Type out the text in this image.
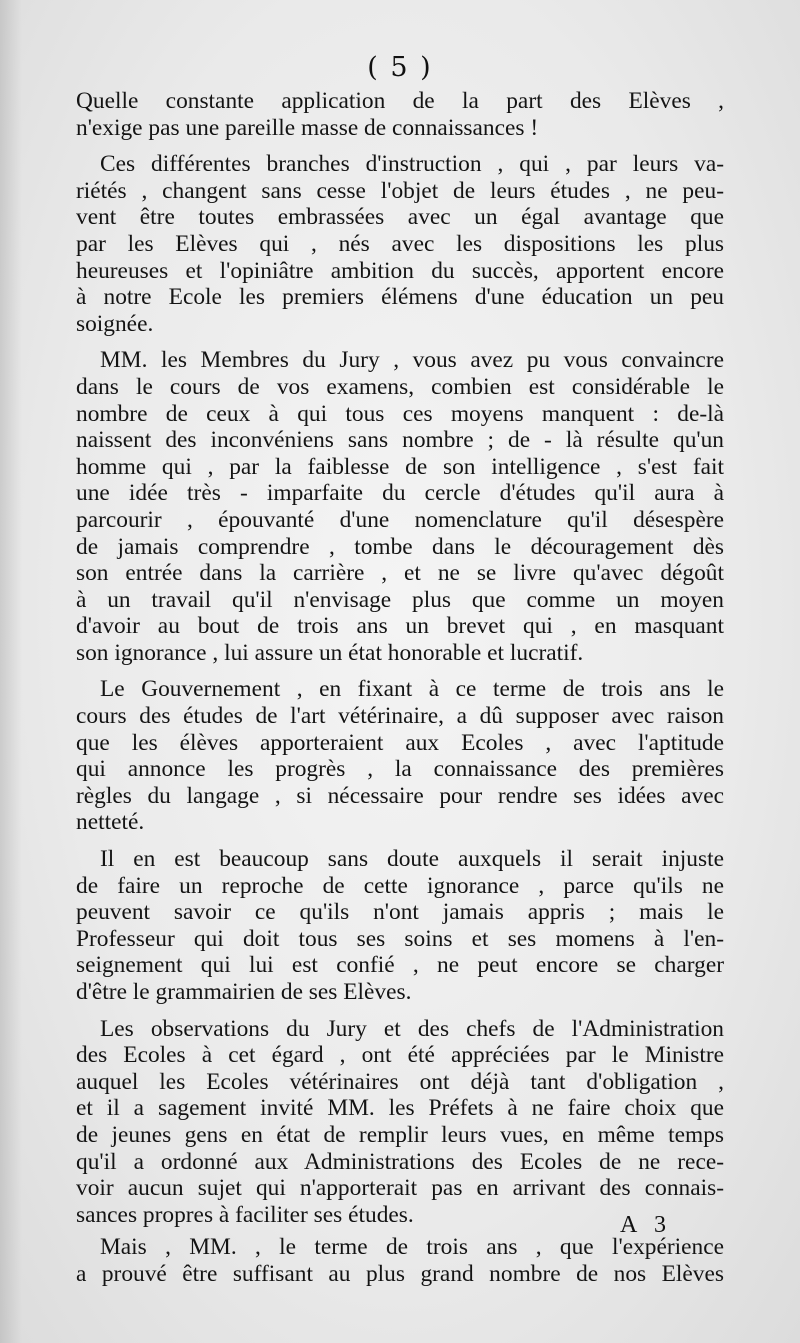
( 5 )
Quelle constante application de la part des Elèves ,
n'exige pas une pareille masse de connaissances !
Ces différentes branches d'instruction , qui , par leurs va-
riétés , changent sans cesse l'objet de leurs études , ne peu-
vent être toutes embrassées avec un égal avantage que
par les Elèves qui , nés avec les dispositions les plus
heureuses et l'opiniâtre ambition du succès, apportent encore
à notre Ecole les premiers élémens d'une éducation un peu
soignée.
MM. les Membres du Jury , vous avez pu vous convaincre
dans le cours de vos examens, combien est considérable le
nombre de ceux à qui tous ces moyens manquent : de-là
naissent des inconvéniens sans nombre ; de - là résulte qu'un
homme qui , par la faiblesse de son intelligence , s'est fait
une idée très - imparfaite du cercle d'études qu'il aura à
parcourir , épouvanté d'une nomenclature qu'il désespère
de jamais comprendre , tombe dans le découragement dès
son entrée dans la carrière , et ne se livre qu'avec dégoût
à un travail qu'il n'envisage plus que comme un moyen
d'avoir au bout de trois ans un brevet qui , en masquant
son ignorance , lui assure un état honorable et lucratif.
Le Gouvernement , en fixant à ce terme de trois ans le
cours des études de l'art vétérinaire, a dû supposer avec raison
que les élèves apporteraient aux Ecoles , avec l'aptitude
qui annonce les progrès , la connaissance des premières
règles du langage , si nécessaire pour rendre ses idées avec
netteté.
Il en est beaucoup sans doute auxquels il serait injuste
de faire un reproche de cette ignorance , parce qu'ils ne
peuvent savoir ce qu'ils n'ont jamais appris ; mais le
Professeur qui doit tous ses soins et ses momens à l'en-
seignement qui lui est confié , ne peut encore se charger
d'être le grammairien de ses Elèves.
Les observations du Jury et des chefs de l'Administration
des Ecoles à cet égard , ont été appréciées par le Ministre
auquel les Ecoles vétérinaires ont déjà tant d'obligation ,
et il a sagement invité MM. les Préfets à ne faire choix que
de jeunes gens en état de remplir leurs vues, en même temps
qu'il a ordonné aux Administrations des Ecoles de ne rece-
voir aucun sujet qui n'apporterait pas en arrivant des connais-
sances propres à faciliter ses études.
Mais , MM. , le terme de trois ans , que l'expérience
a prouvé être suffisant au plus grand nombre de nos Elèves
A 3
